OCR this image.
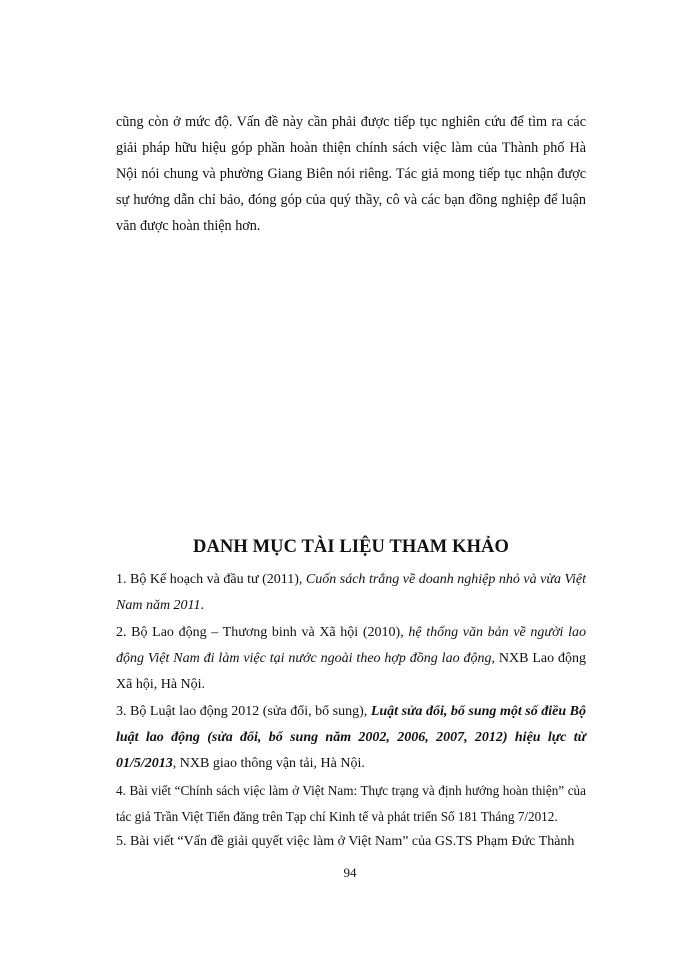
cũng còn ở mức độ. Vấn đề này cần phải được tiếp tục nghiên cứu để tìm ra các giải pháp hữu hiệu góp phần hoàn thiện chính sách việc làm của Thành phố Hà Nội nói chung và phường Giang Biên nói riêng. Tác giả mong tiếp tục nhận được sự hướng dẫn chỉ bảo, đóng góp của quý thầy, cô và các bạn đồng nghiệp để luận văn được hoàn thiện hơn.

DANH MỤC TÀI LIỆU THAM KHẢO

1. Bộ Kế hoạch và đầu tư (2011), Cuốn sách trắng về doanh nghiệp nhỏ và vừa Việt Nam năm 2011.

2. Bộ Lao động – Thương binh và Xã hội (2010), hệ thống văn bản về người lao động Việt Nam đi làm việc tại nước ngoài theo hợp đồng lao động, NXB Lao động Xã hội, Hà Nội.

3. Bộ Luật lao động 2012 (sửa đổi, bổ sung), Luật sửa đổi, bổ sung một số điều Bộ luật lao động (sửa đổi, bổ sung năm 2002, 2006, 2007, 2012) hiệu lực từ 01/5/2013, NXB giao thông vận tải, Hà Nội.

4. Bài viết “Chính sách việc làm ở Việt Nam: Thực trạng và định hướng hoàn thiện” của tác giả Trần Việt Tiến đăng trên Tạp chí Kinh tế và phát triển Số 181 Tháng 7/2012.

5. Bài viết “Vấn đề giải quyết việc làm ở Việt Nam” của GS.TS Phạm Đức Thành

94
